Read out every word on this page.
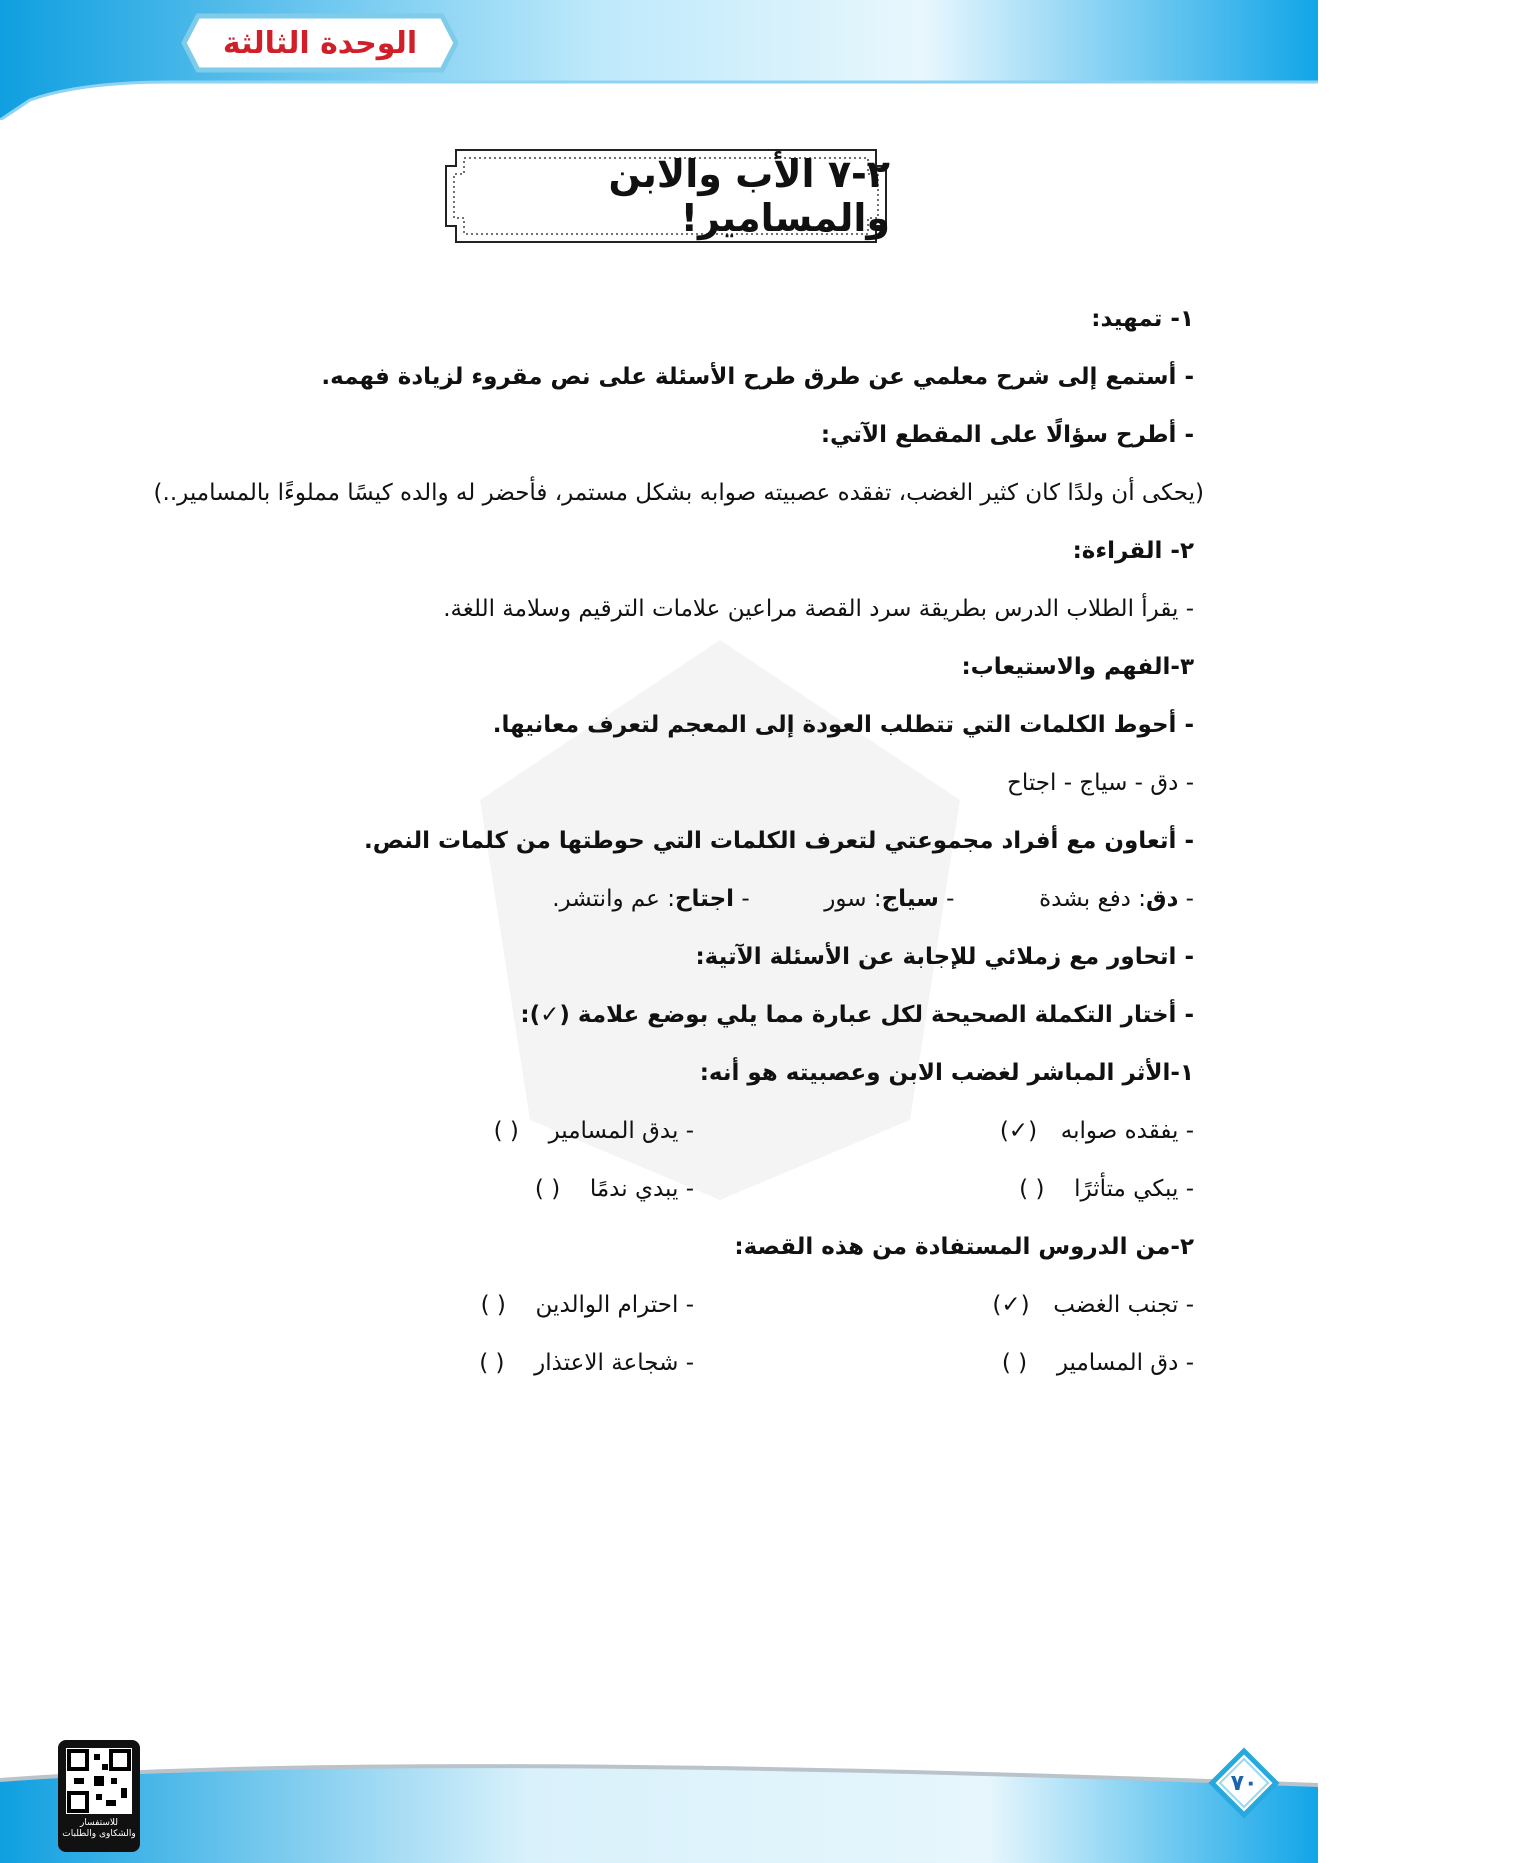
الوحدة الثالثة
٢-٧ الأب والابن والمسامير!
١- تمهيد:
- أستمع إلى شرح معلمي عن طرق طرح الأسئلة على نص مقروء لزيادة فهمه.
- أطرح سؤالًا على المقطع الآتي:
(يحكى أن ولدًا كان كثير الغضب، تفقده عصبيته صوابه بشكل مستمر، فأحضر له والده كيسًا مملوءًا بالمسامير..)
٢- القراءة:
- يقرأ الطلاب الدرس بطريقة سرد القصة مراعين علامات الترقيم وسلامة اللغة.
٣-الفهم والاستيعاب:
- أحوط الكلمات التي تتطلب العودة إلى المعجم لتعرف معانيها.
- دق - سياج - اجتاح
- أتعاون مع أفراد مجموعتي لتعرف الكلمات التي حوطتها من كلمات النص.
- دق: دفع بشدة  - سياج: سور  - اجتاح: عم وانتشر.
- اتحاور مع زملائي للإجابة عن الأسئلة الآتية:
- أختار التكملة الصحيحة لكل عبارة مما يلي بوضع علامة (✓):
١-الأثر المباشر لغضب الابن وعصبيته هو أنه:
- يفقده صوابه (✓)
- يدق المسامير ( )
- يبكي متأثرًا ( )
- يبدي ندمًا ( )
٢-من الدروس المستفادة من هذه القصة:
- تجنب الغضب (✓)
- احترام الوالدين ( )
- دق المسامير ( )
- شجاعة الاعتذار ( )
٧٠
للاستفسار والشكاوى والطلبات
